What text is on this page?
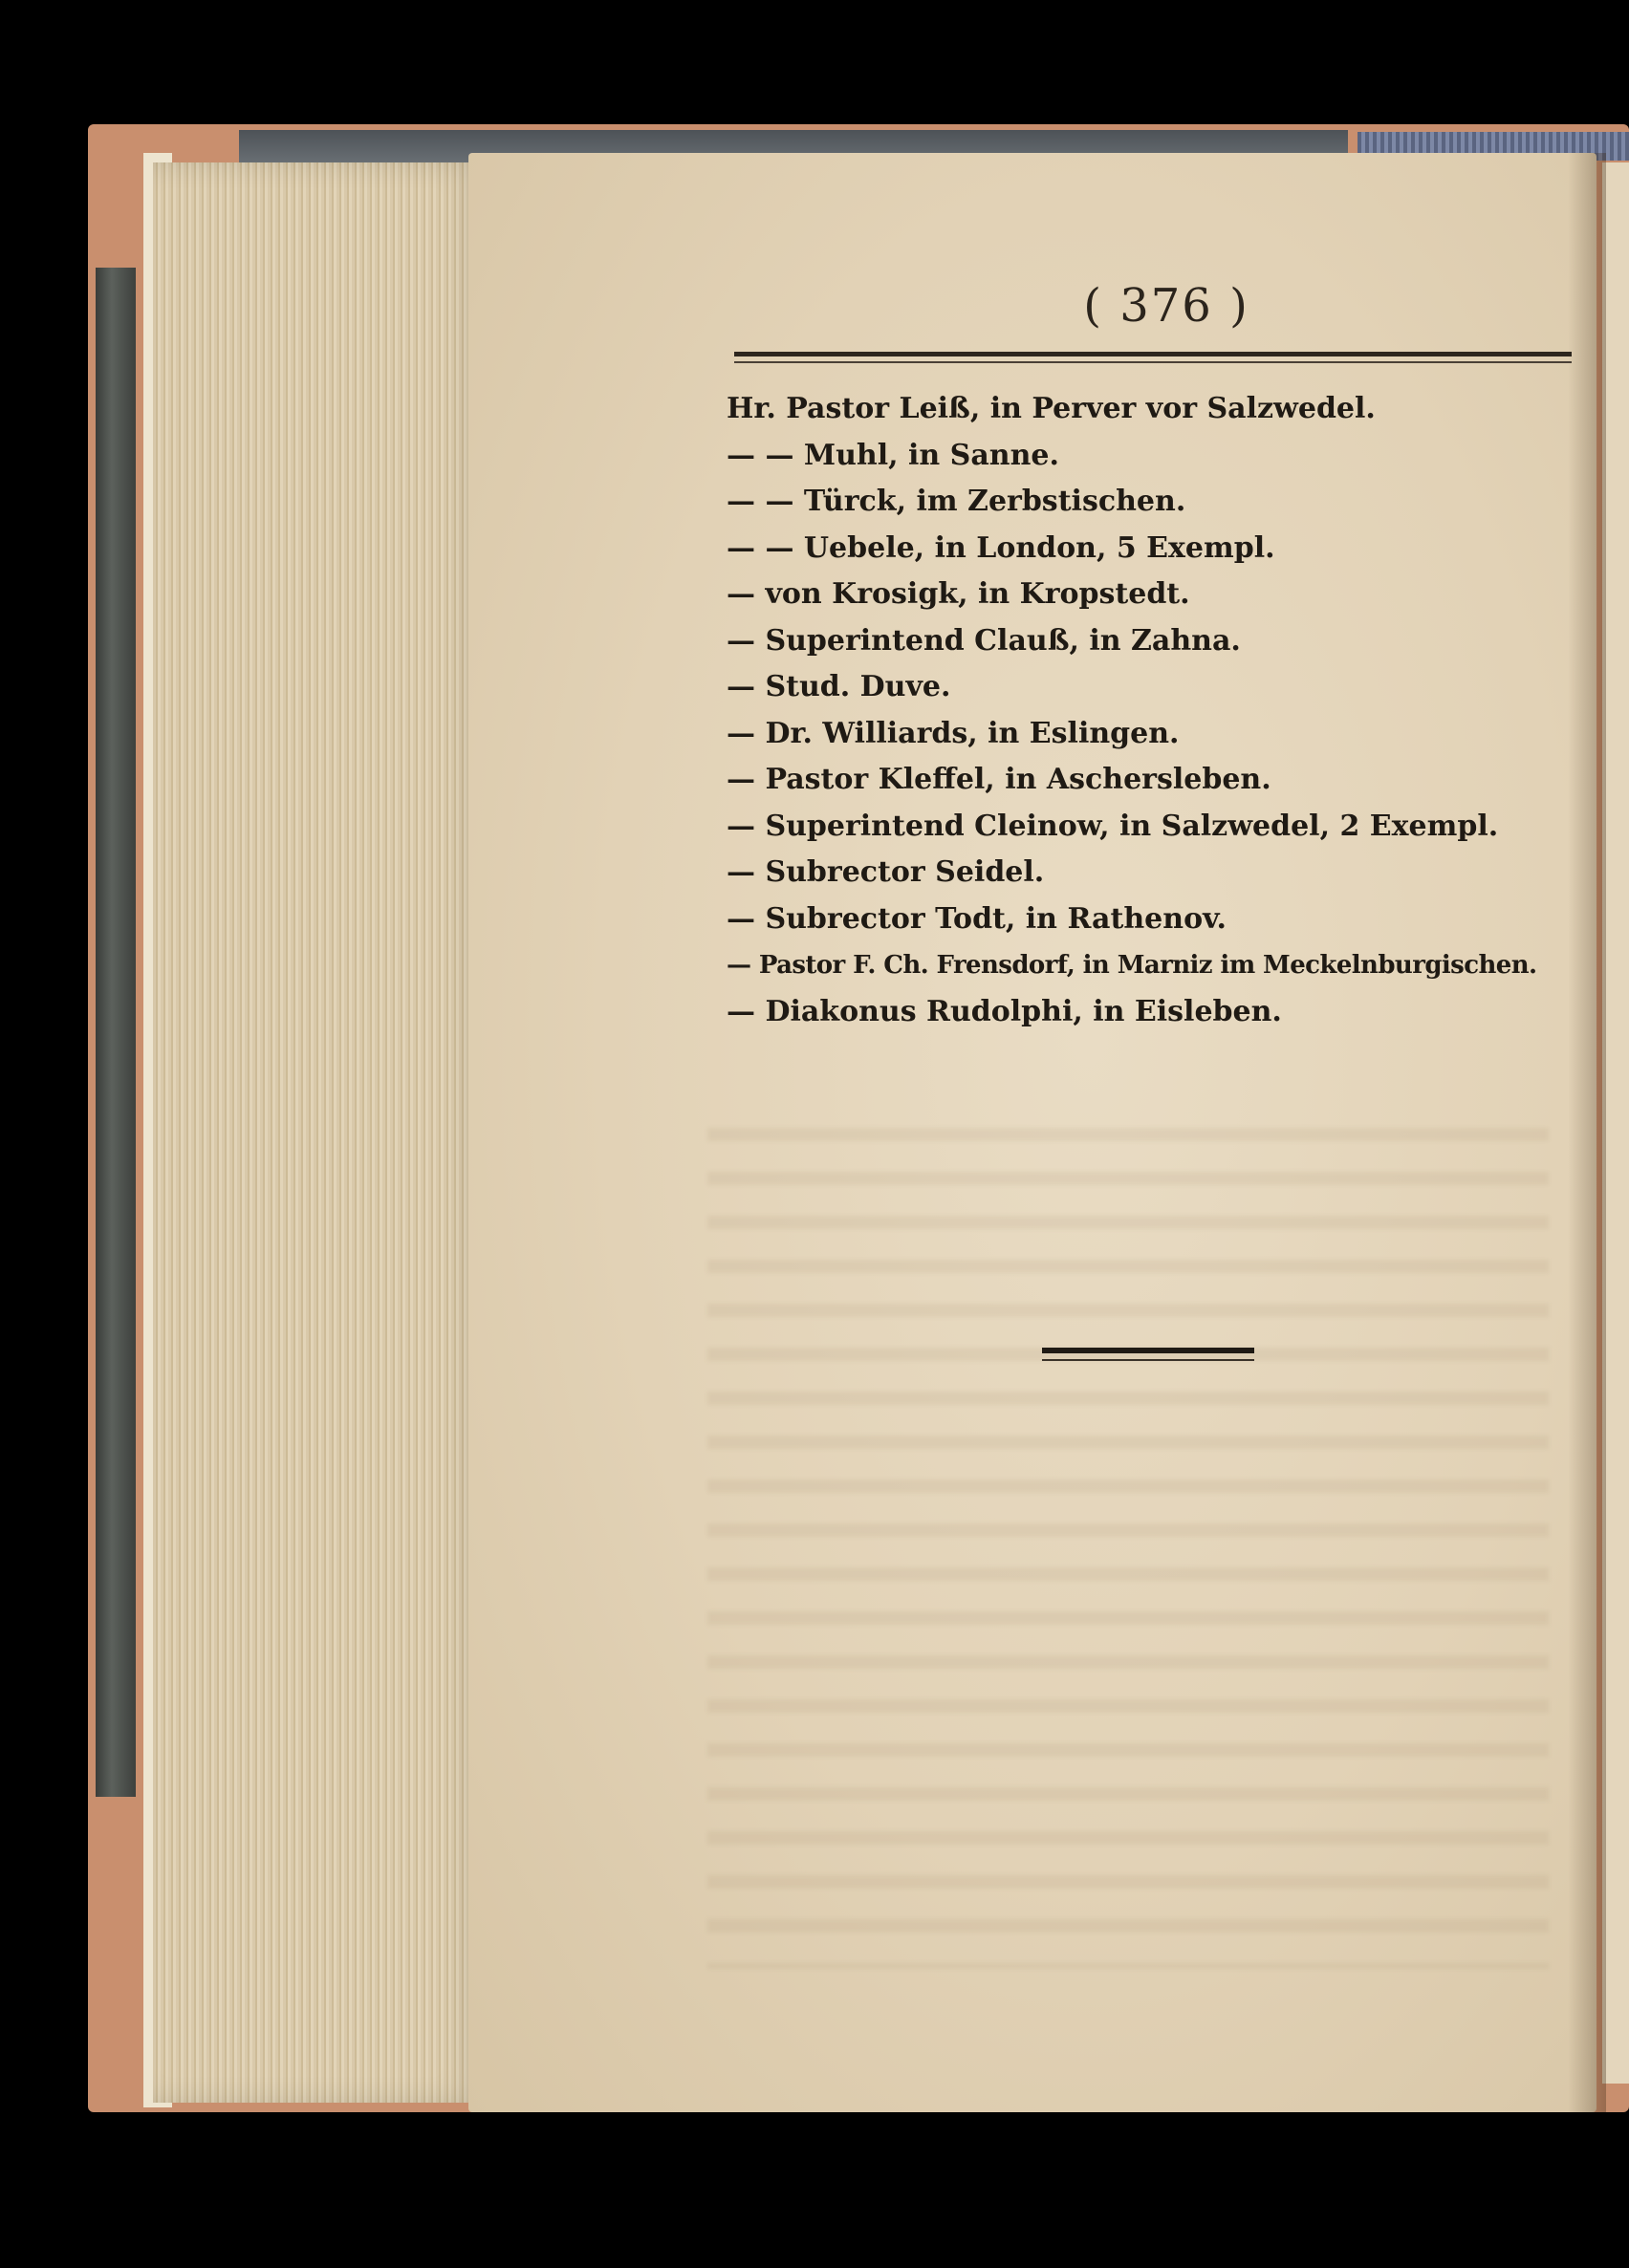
( 376 )
Hr. Pastor Leiß, in Perver vor Salzwedel.
— — Muhl, in Sanne.
— — Türck, im Zerbstischen.
— — Uebele, in London, 5 Exempl.
— von Krosigk, in Kropstedt.
— Superintend Clauß, in Zahna.
— Stud. Duve.
— Dr. Williards, in Eslingen.
— Pastor Kleffel, in Aschersleben.
— Superintend Cleinow, in Salzwedel, 2 Exempl.
— Subrector Seidel.
— Subrector Todt, in Rathenov.
— Pastor F. Ch. Frensdorf, in Marniz im Meckelnburgischen.
— Diakonus Rudolphi, in Eisleben.
